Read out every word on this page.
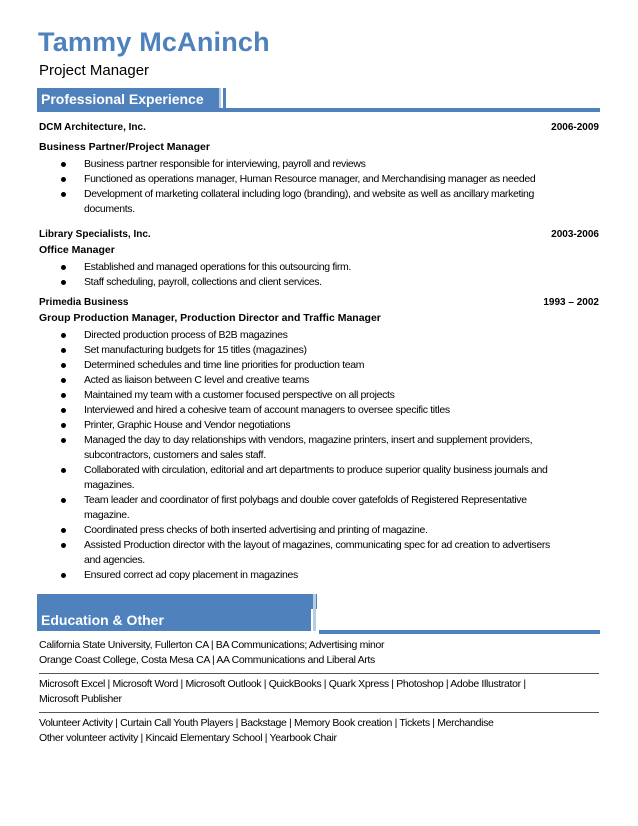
Tammy McAninch
Project Manager
Professional Experience
DCM Architecture, Inc.	2006-2009
Business Partner/Project Manager
Business partner responsible for interviewing, payroll and reviews
Functioned as operations manager, Human Resource manager, and Merchandising manager as needed
Development of marketing collateral including logo (branding), and website as well as ancillary marketing
documents.
Library Specialists, Inc.	2003-2006
Office Manager
Established and managed operations for this outsourcing firm.
Staff scheduling, payroll, collections and client services.
Primedia Business	1993 – 2002
Group Production Manager, Production Director and Traffic Manager
Directed production process of B2B magazines
Set manufacturing budgets for 15 titles (magazines)
Determined schedules and time line priorities for production team
Acted as liaison between C level and creative teams
Maintained my team with a customer focused perspective on all projects
Interviewed and hired a cohesive team of account managers to oversee specific titles
Printer, Graphic House and Vendor negotiations
Managed the day to day relationships with vendors, magazine printers, insert and supplement providers,
subcontractors, customers and sales staff.
Collaborated with circulation, editorial and art departments to produce superior quality business journals and
magazines.
Team leader and coordinator of first polybags and double cover gatefolds of Registered Representative
magazine.
Coordinated press checks of both inserted advertising and printing of magazine.
Assisted Production director with the layout of magazines, communicating spec for ad creation to advertisers
and agencies.
Ensured correct ad copy placement in magazines
Education & Other
California State University, Fullerton CA | BA Communications; Advertising minor
Orange Coast College, Costa Mesa CA | AA Communications and Liberal Arts
Microsoft Excel | Microsoft Word | Microsoft Outlook | QuickBooks | Quark Xpress | Photoshop | Adobe Illustrator |
Microsoft Publisher
Volunteer Activity | Curtain Call Youth Players | Backstage | Memory Book creation | Tickets | Merchandise
Other volunteer activity | Kincaid Elementary School | Yearbook Chair
